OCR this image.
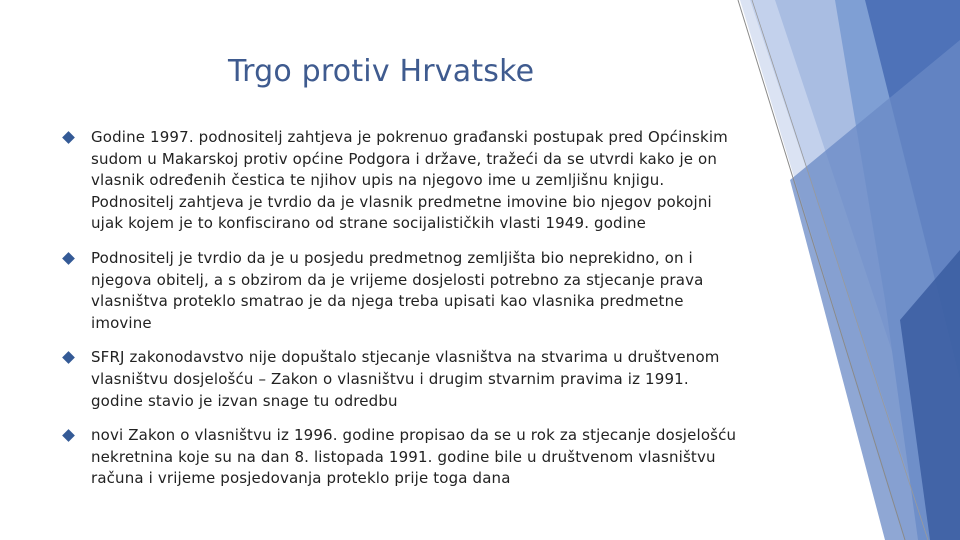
Trgo protiv Hrvatske
Godine 1997. podnositelj zahtjeva je pokrenuo građanski postupak pred Općinskim sudom u Makarskoj protiv općine Podgora i države, tražeći da se utvrdi kako je on vlasnik određenih čestica te njihov upis na njegovo ime u zemljišnu knjigu. Podnositelj zahtjeva je tvrdio da je vlasnik predmetne imovine bio njegov pokojni ujak kojem je to konfiscirano od strane socijalističkih vlasti 1949. godine
Podnositelj je tvrdio da je u posjedu predmetnog zemljišta bio neprekidno, on i njegova obitelj, a s obzirom da je vrijeme dosjelosti potrebno za stjecanje prava vlasništva proteklo smatrao je da njega treba upisati kao vlasnika predmetne imovine
SFRJ zakonodavstvo nije dopuštalo stjecanje vlasništva na stvarima u društvenom vlasništvu dosjelošću – Zakon o vlasništvu i drugim stvarnim pravima iz 1991. godine stavio je izvan snage tu odredbu
novi Zakon o vlasništvu iz 1996. godine propisao da se u rok za stjecanje dosjelošću nekretnina koje su na dan 8. listopada 1991. godine bile u društvenom vlasništvu računa i vrijeme posjedovanja proteklo prije toga dana
